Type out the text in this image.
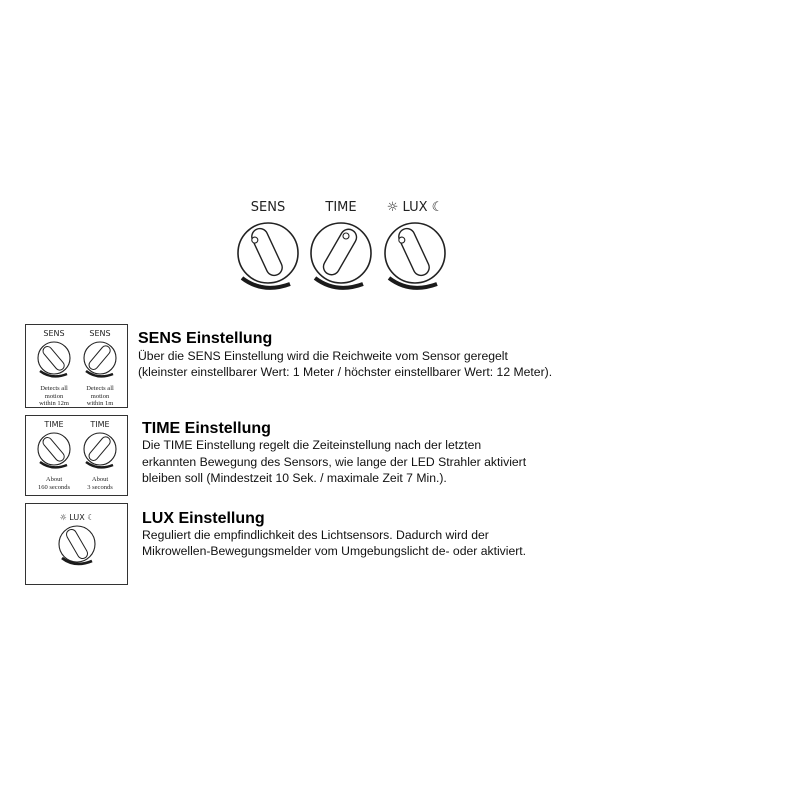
SENS	TIME	☼ LUX ☾
SENS
Detects all
motion
within 12m
SENS
Detects all
motion
within 1m
SENS Einstellung

Über die SENS Einstellung wird die Reichweite vom Sensor geregelt

(kleinster einstellbarer Wert: 1 Meter / höchster einstellbarer Wert: 12 Meter).

TIME
About
160 seconds
TIME
About
3 seconds
TIME Einstellung

Die TIME Einstellung regelt die Zeiteinstellung nach der letzten

erkannten Bewegung des Sensors, wie lange der LED Strahler aktiviert

bleiben soll (Mindestzeit 10 Sek. / maximale Zeit 7 Min.).

☼ LUX ☾	LUX Einstellung

Reguliert die empfindlichkeit des Lichtsensors. Dadurch wird der

Mikrowellen-Bewegungsmelder vom Umgebungslicht de- oder aktiviert.
